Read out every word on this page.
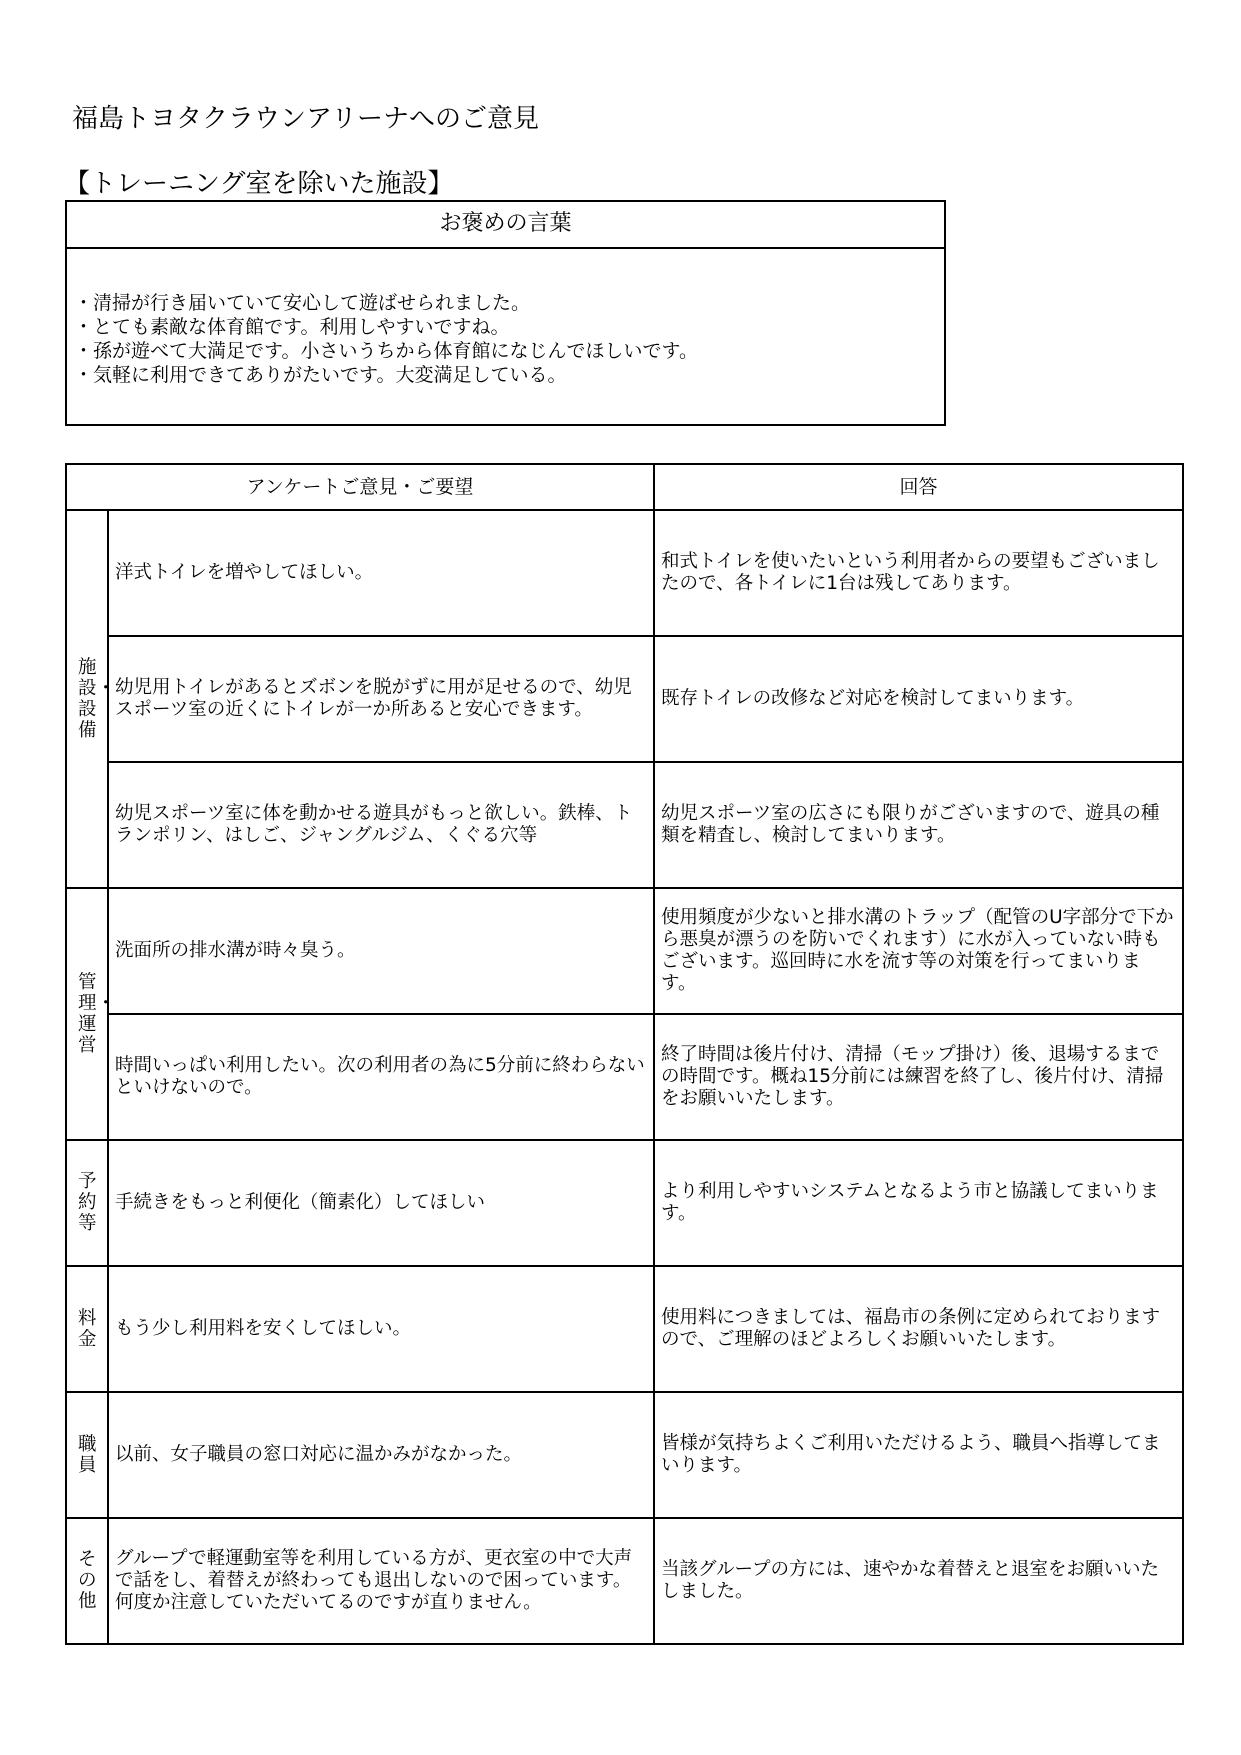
福島トヨタクラウンアリーナへのご意見
【トレーニング室を除いた施設】
お褒めの言葉
・清掃が行き届いていて安心して遊ばせられました。
・とても素敵な体育館です。利用しやすいですね。
・孫が遊べて大満足です。小さいうちから体育館になじんでほしいです。
・気軽に利用できてありがたいです。大変満足している。
アンケートご意見・ご要望		回答
施設・設備	洋式トイレを増やしてほしい。	和式トイレを使いたいという利用者からの要望もございましたので、各トイレに1台は残してあります。
	幼児用トイレがあるとズボンを脱がずに用が足せるので、幼児スポーツ室の近くにトイレが一か所あると安心できます。	既存トイレの改修など対応を検討してまいります。
	幼児スポーツ室に体を動かせる遊具がもっと欲しい。鉄棒、トランポリン、はしご、ジャングルジム、くぐる穴等	幼児スポーツ室の広さにも限りがございますので、遊具の種類を精査し、検討してまいります。
管理・運営	洗面所の排水溝が時々臭う。	使用頻度が少ないと排水溝のトラップ（配管のU字部分で下から悪臭が漂うのを防いでくれます）に水が入っていない時もございます。巡回時に水を流す等の対策を行ってまいります。
	時間いっぱい利用したい。次の利用者の為に5分前に終わらないといけないので。	終了時間は後片付け、清掃（モップ掛け）後、退場するまでの時間です。概ね15分前には練習を終了し、後片付け、清掃をお願いいたします。
予約等	手続きをもっと利便化（簡素化）してほしい	より利用しやすいシステムとなるよう市と協議してまいります。
料金	もう少し利用料を安くしてほしい。	使用料につきましては、福島市の条例に定められておりますので、ご理解のほどよろしくお願いいたします。
職員	以前、女子職員の窓口対応に温かみがなかった。	皆様が気持ちよくご利用いただけるよう、職員へ指導してまいります。
その他	グループで軽運動室等を利用している方が、更衣室の中で大声で話をし、着替えが終わっても退出しないので困っています。何度か注意していただいてるのですが直りません。	当該グループの方には、速やかな着替えと退室をお願いいたしました。
